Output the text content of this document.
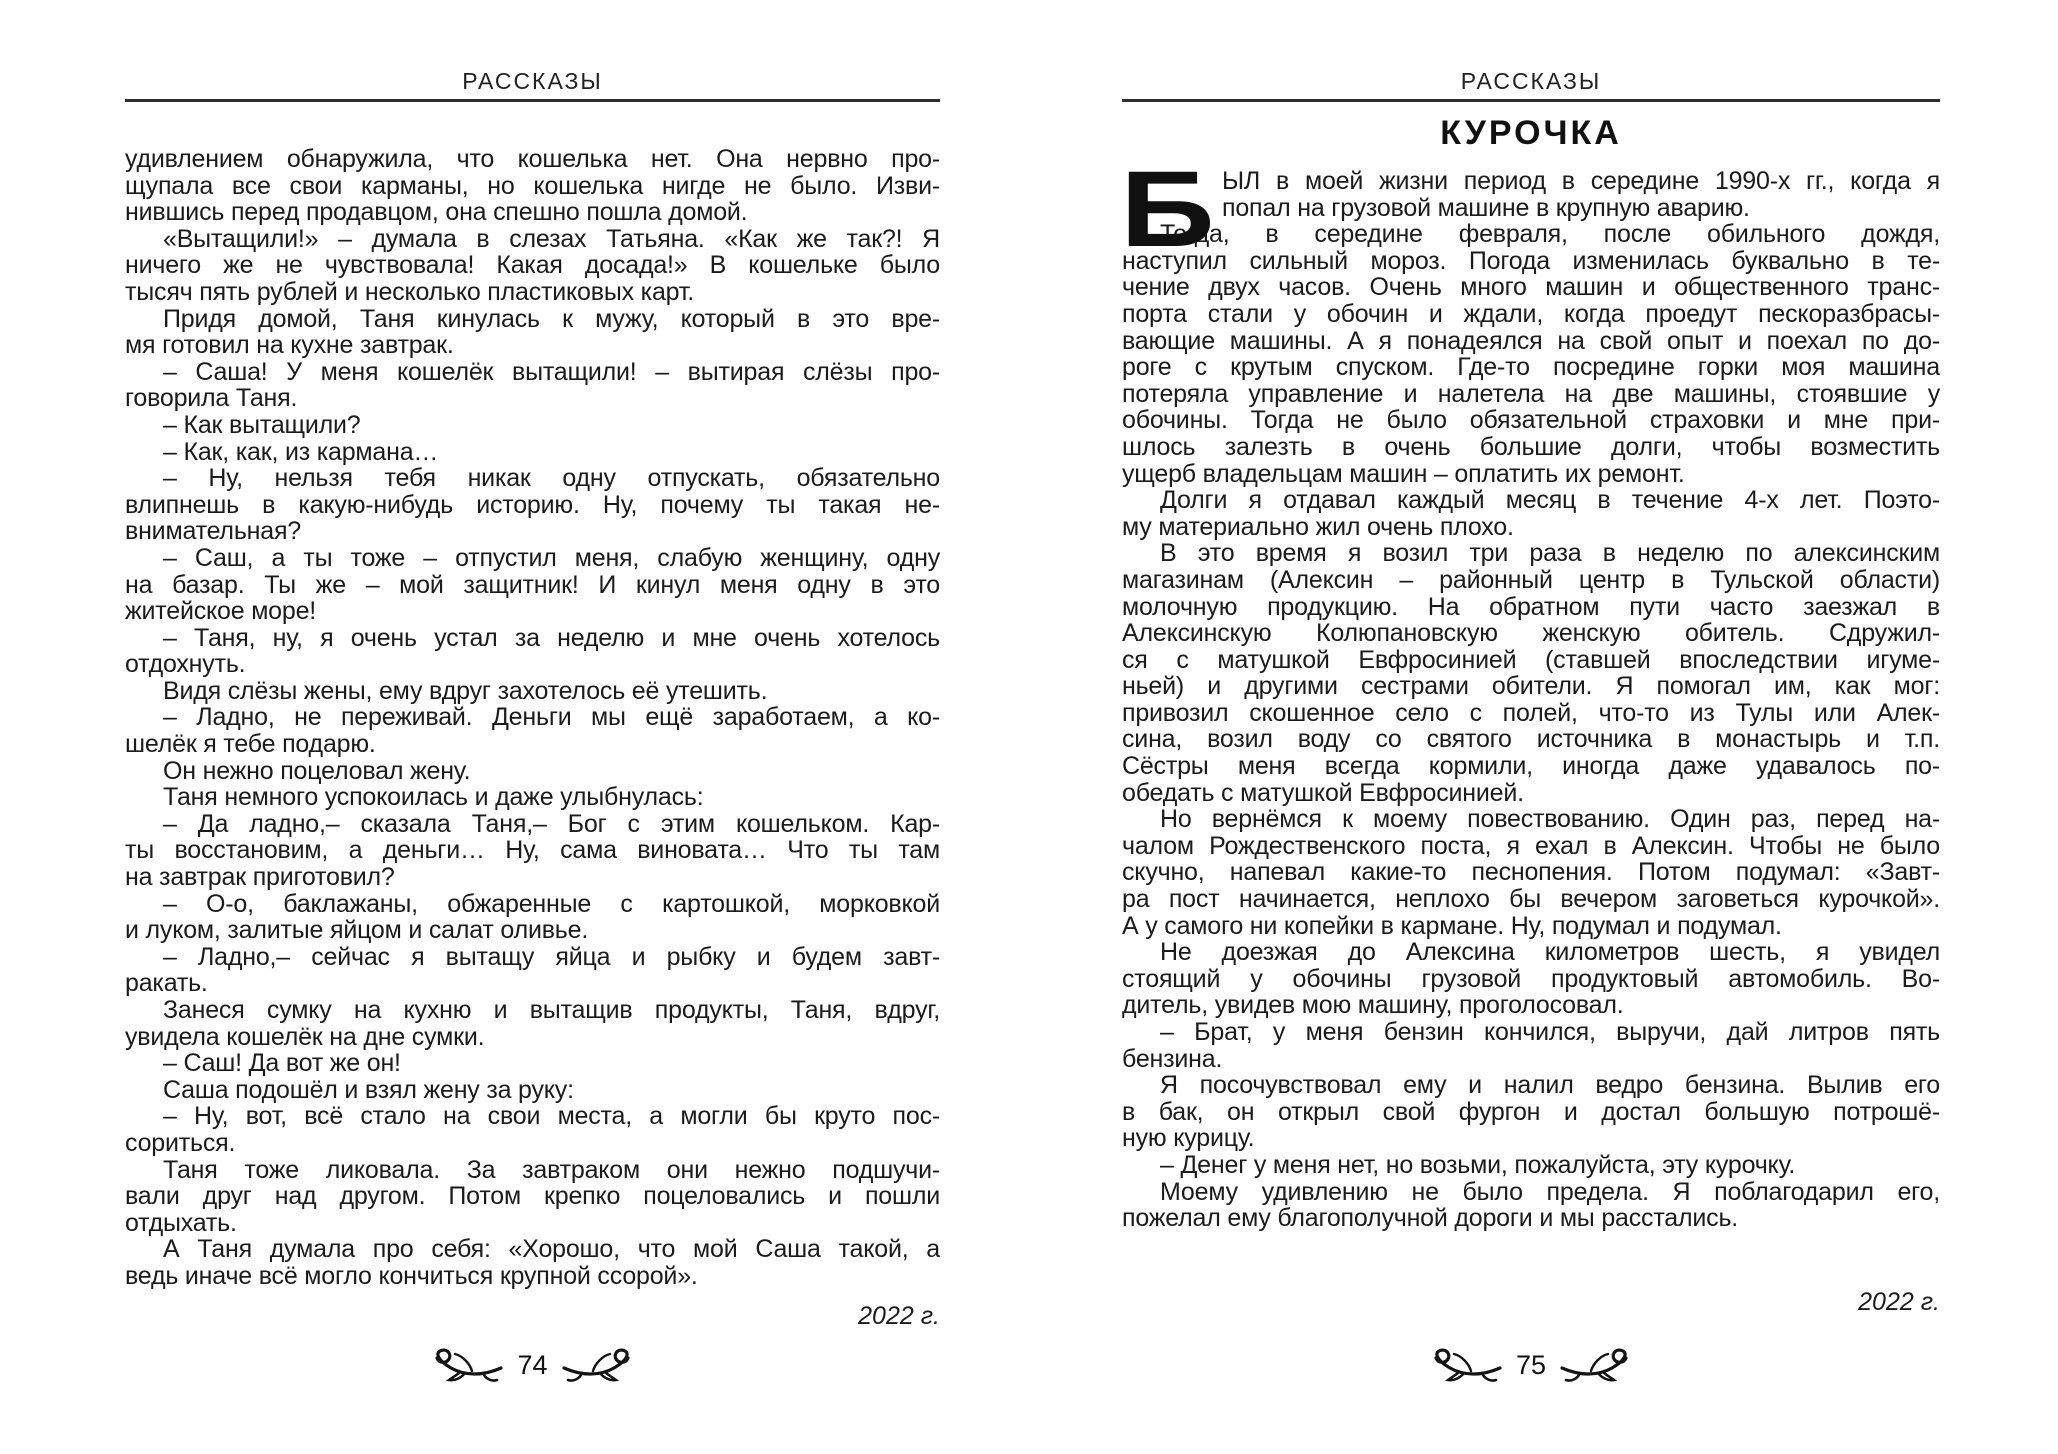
РАССКАЗЫ
удивлением обнаружила, что кошелька нет. Она нервно про-
щупала все свои карманы, но кошелька нигде не было. Изви-
нившись перед продавцом, она спешно пошла домой.
«Вытащили!» – думала в слезах Татьяна. «Как же так?! Я
ничего же не чувствовала! Какая досада!» В кошельке было
тысяч пять рублей и несколько пластиковых карт.
Придя домой, Таня кинулась к мужу, который в это вре-
мя готовил на кухне завтрак.
– Саша! У меня кошелёк вытащили! – вытирая слёзы про-
говорила Таня.
– Как вытащили?
– Как, как, из кармана…
– Ну, нельзя тебя никак одну отпускать, обязательно
влипнешь в какую-нибудь историю. Ну, почему ты такая не-
внимательная?
– Саш, а ты тоже – отпустил меня, слабую женщину, одну
на базар. Ты же – мой защитник! И кинул меня одну в это
житейское море!
– Таня, ну, я очень устал за неделю и мне очень хотелось
отдохнуть.
Видя слёзы жены, ему вдруг захотелось её утешить.
– Ладно, не переживай. Деньги мы ещё заработаем, а ко-
шелёк я тебе подарю.
Он нежно поцеловал жену.
Таня немного успокоилась и даже улыбнулась:
– Да ладно,– сказала Таня,– Бог с этим кошельком. Кар-
ты восстановим, а деньги… Ну, сама виновата… Что ты там
на завтрак приготовил?
– О-о, баклажаны, обжаренные с картошкой, морковкой
и луком, залитые яйцом и салат оливье.
– Ладно,– сейчас я вытащу яйца и рыбку и будем завт-
ракать.
Занеся сумку на кухню и вытащив продукты, Таня, вдруг,
увидела кошелёк на дне сумки.
– Саш! Да вот же он!
Саша подошёл и взял жену за руку:
– Ну, вот, всё стало на свои места, а могли бы круто пос-
сориться.
Таня тоже ликовала. За завтраком они нежно подшучи-
вали друг над другом. Потом крепко поцеловались и пошли
отдыхать.
А Таня думала про себя: «Хорошо, что мой Саша такой, а
ведь иначе всё могло кончиться крупной ссорой».
2022 г.
74
РАССКАЗЫ
КУРОЧКА
Б ЫЛ в моей жизни период в середине 1990-х гг., когда я
попал на грузовой машине в крупную аварию.
Тогда, в середине февраля, после обильного дождя,
наступил сильный мороз. Погода изменилась буквально в те-
чение двух часов. Очень много машин и общественного транс-
порта стали у обочин и ждали, когда проедут пескоразбрасы-
вающие машины. А я понадеялся на свой опыт и поехал по до-
роге с крутым спуском. Где-то посредине горки моя машина
потеряла управление и налетела на две машины, стоявшие у
обочины. Тогда не было обязательной страховки и мне при-
шлось залезть в очень большие долги, чтобы возместить
ущерб владельцам машин – оплатить их ремонт.
Долги я отдавал каждый месяц в течение 4-х лет. Поэто-
му материально жил очень плохо.
В это время я возил три раза в неделю по алексинским
магазинам (Алексин – районный центр в Тульской области)
молочную продукцию. На обратном пути часто заезжал в
Алексинскую Колюпановскую женскую обитель. Сдружил-
ся с матушкой Евфросинией (ставшей впоследствии игуме-
ньей) и другими сестрами обители. Я помогал им, как мог:
привозил скошенное село с полей, что-то из Тулы или Алек-
сина, возил воду со святого источника в монастырь и т.п.
Сёстры меня всегда кормили, иногда даже удавалось по-
обедать с матушкой Евфросинией.
Но вернёмся к моему повествованию. Один раз, перед на-
чалом Рождественского поста, я ехал в Алексин. Чтобы не было
скучно, напевал какие-то песнопения. Потом подумал: «Завт-
ра пост начинается, неплохо бы вечером заговеться курочкой».
А у самого ни копейки в кармане. Ну, подумал и подумал.
Не доезжая до Алексина километров шесть, я увидел
стоящий у обочины грузовой продуктовый автомобиль. Во-
дитель, увидев мою машину, проголосовал.
– Брат, у меня бензин кончился, выручи, дай литров пять
бензина.
Я посочувствовал ему и налил ведро бензина. Вылив его
в бак, он открыл свой фургон и достал большую потрошё-
ную курицу.
– Денег у меня нет, но возьми, пожалуйста, эту курочку.
Моему удивлению не было предела. Я поблагодарил его,
пожелал ему благополучной дороги и мы расстались.
2022 г.
75
